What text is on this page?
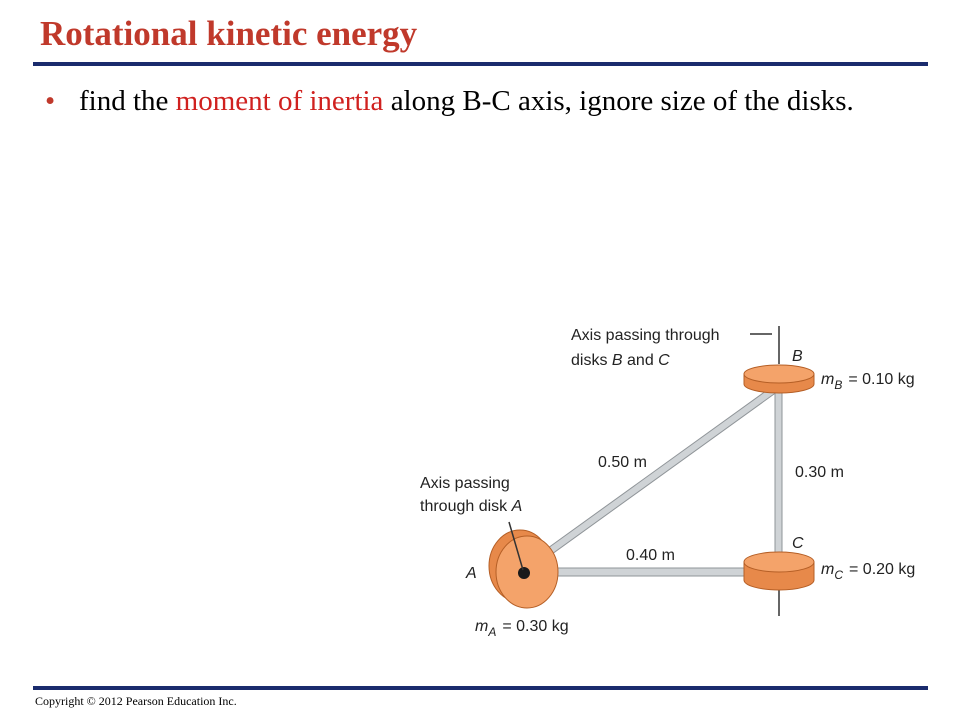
Rotational kinetic energy
• find the moment of inertia along B-C axis, ignore size of the disks.
Axis passing through
disks B and C
Axis passing
through disk A
B
C
A
0.50 m
0.40 m
0.30 m
$m_B = 0.10$ kg
$m_C = 0.20$ kg
$m_A = 0.30$ kg
Copyright © 2012 Pearson Education Inc.
